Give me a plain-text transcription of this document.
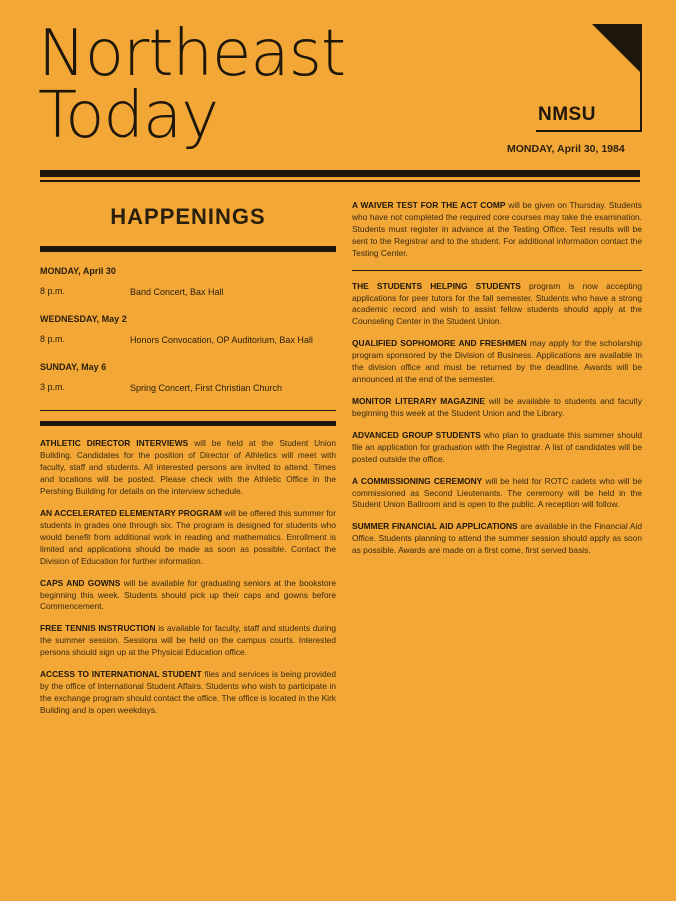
Northeast
Today	NMSU
MONDAY, April 30, 1984
HAPPENINGS
MONDAY, April 30
8 p.m.	Band Concert, Bax Hall
WEDNESDAY, May 2
8 p.m.	Honors Convocation, OP Auditorium, Bax Hall
SUNDAY, May 6
3 p.m.	Spring Concert, First Christian Church

ATHLETIC DIRECTOR INTERVIEWS will be held at the Student Union Building. Candidates for the position of Director of Athletics will meet with faculty, staff and students. All interested persons are invited to attend. Times and locations will be posted. Please check with the Athletic Office in the Pershing Building for details on the interview schedule.

AN ACCELERATED ELEMENTARY PROGRAM will be offered this summer for students in grades one through six. The program is designed for students who would benefit from additional work in reading and mathematics. Enrollment is limited and applications should be made as soon as possible. Contact the Division of Education for further information.

CAPS AND GOWNS will be available for graduating seniors at the bookstore beginning this week. Students should pick up their caps and gowns before Commencement.

FREE TENNIS INSTRUCTION is available for faculty, staff and students during the summer session. Sessions will be held on the campus courts. Interested persons should sign up at the Physical Education office.

ACCESS TO INTERNATIONAL STUDENT files and services is being provided by the office of International Student Affairs. Students who wish to participate in the exchange program should contact the office. The office is located in the Kirk Building and is open weekdays.

A WAIVER TEST FOR THE ACT COMP will be given on Thursday. Students who have not completed the required core courses may take the examination. Students must register in advance at the Testing Office. Test results will be sent to the Registrar and to the student. For additional information contact the Testing Center.

THE STUDENTS HELPING STUDENTS program is now accepting applications for peer tutors for the fall semester. Students who have a strong academic record and wish to assist fellow students should apply at the Counseling Center in the Student Union.

QUALIFIED SOPHOMORE AND FRESHMEN may apply for the scholarship program sponsored by the Division of Business. Applications are available in the division office and must be returned by the deadline. Awards will be announced at the end of the semester.

MONITOR LITERARY MAGAZINE will be available to students and faculty beginning this week at the Student Union and the Library.

ADVANCED GROUP STUDENTS who plan to graduate this summer should file an application for graduation with the Registrar. A list of candidates will be posted outside the office.

A COMMISSIONING CEREMONY will be held for ROTC cadets who will be commissioned as Second Lieutenants. The ceremony will be held in the Student Union Ballroom and is open to the public. A reception will follow.

SUMMER FINANCIAL AID APPLICATIONS are available in the Financial Aid Office. Students planning to attend the summer session should apply as soon as possible. Awards are made on a first come, first served basis.
